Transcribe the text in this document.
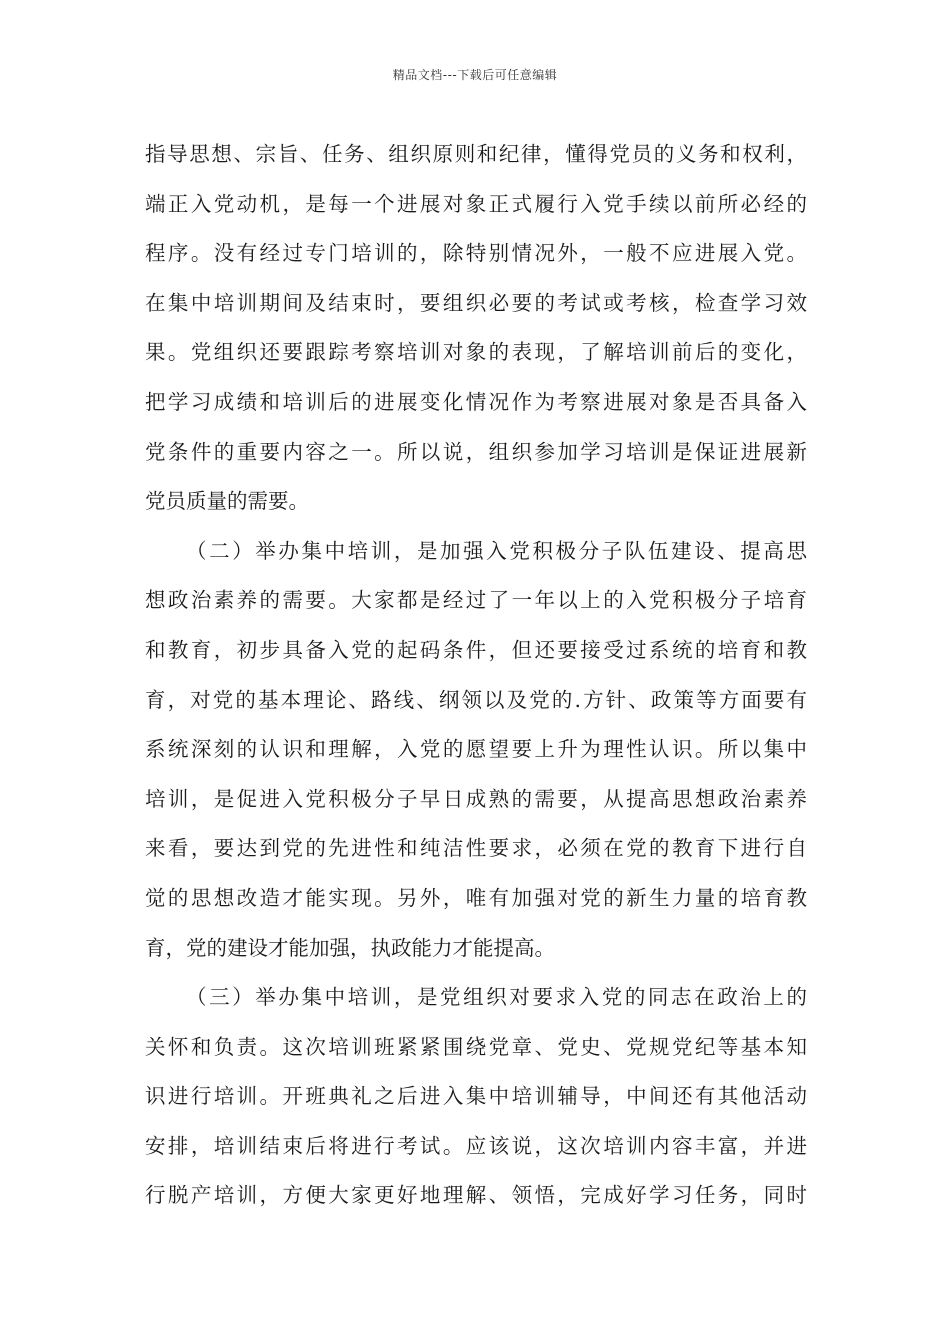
精品文档---下载后可任意编辑
指导思想、宗旨、任务、组织原则和纪律，懂得党员的义务和权利，
端正入党动机，是每一个进展对象正式履行入党手续以前所必经的
程序。没有经过专门培训的，除特别情况外，一般不应进展入党。
在集中培训期间及结束时，要组织必要的考试或考核，检查学习效
果。党组织还要跟踪考察培训对象的表现，了解培训前后的变化，
把学习成绩和培训后的进展变化情况作为考察进展对象是否具备入
党条件的重要内容之一。所以说，组织参加学习培训是保证进展新
党员质量的需要。
（二）举办集中培训，是加强入党积极分子队伍建设、提高思
想政治素养的需要。大家都是经过了一年以上的入党积极分子培育
和教育，初步具备入党的起码条件，但还要接受过系统的培育和教
育，对党的基本理论、路线、纲领以及党的.方针、政策等方面要有
系统深刻的认识和理解，入党的愿望要上升为理性认识。所以集中
培训，是促进入党积极分子早日成熟的需要，从提高思想政治素养
来看，要达到党的先进性和纯洁性要求，必须在党的教育下进行自
觉的思想改造才能实现。另外，唯有加强对党的新生力量的培育教
育，党的建设才能加强，执政能力才能提高。
（三）举办集中培训，是党组织对要求入党的同志在政治上的
关怀和负责。这次培训班紧紧围绕党章、党史、党规党纪等基本知
识进行培训。开班典礼之后进入集中培训辅导，中间还有其他活动
安排，培训结束后将进行考试。应该说，这次培训内容丰富，并进
行脱产培训，方便大家更好地理解、领悟，完成好学习任务，同时
